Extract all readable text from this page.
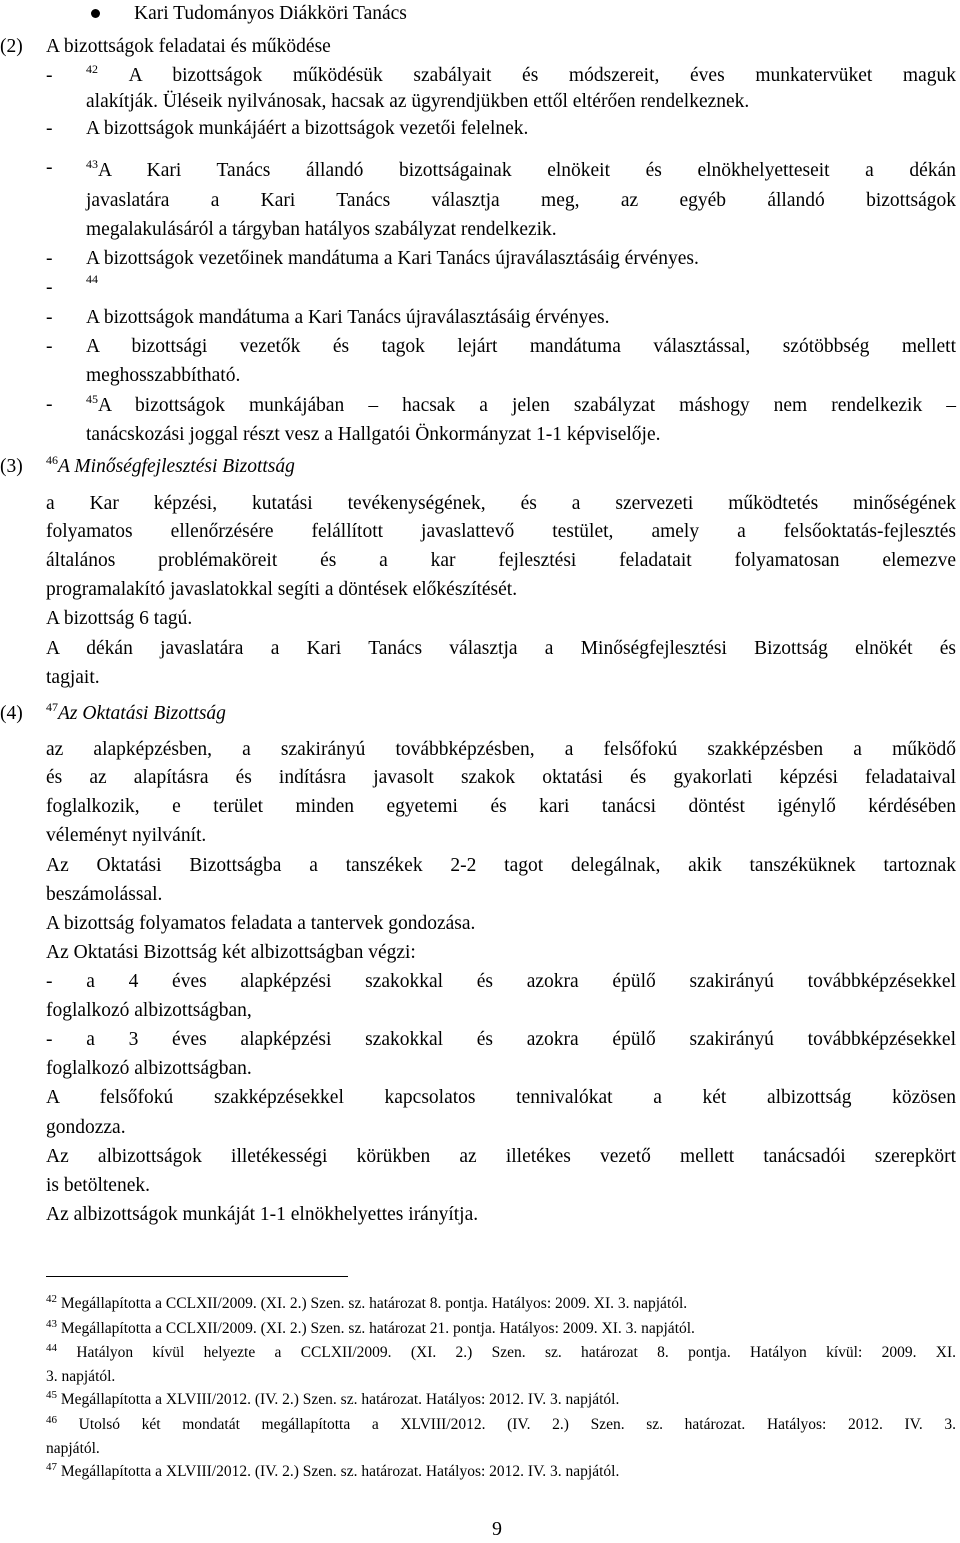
Kari Tudományos Diákköri Tanács
(2) A bizottságok feladatai és működése
-	$^{42}$ A bizottságok működésük szabályait és módszereit, éves munkatervüket maguk
alakítják. Üléseik nyilvánosak, hacsak az ügyrendjükben ettől eltérően rendelkeznek.
- A bizottságok munkájáért a bizottságok vezetői felelnek.
-	$^{43}$A Kari Tanács állandó bizottságainak elnökeit és elnökhelyetteseit a dékán
javaslatára a Kari Tanács választja meg, az egyéb állandó bizottságok
megalakulásáról a tárgyban hatályos szabályzat rendelkezik.
- A bizottságok vezetőinek mandátuma a Kari Tanács újraválasztásáig érvényes.
-	$^{44}$
- A bizottságok mandátuma a Kari Tanács újraválasztásáig érvényes.
- A bizottsági vezetők és tagok lejárt mandátuma választással, szótöbbség mellett
meghosszabbítható.
-	$^{45}$A bizottságok munkájában – hacsak a jelen szabályzat máshogy nem rendelkezik –
tanácskozási joggal részt vesz a Hallgatói Önkormányzat 1-1 képviselője.
(3) $^{46}$A Minőségfejlesztési Bizottság
a Kar képzési, kutatási tevékenységének, és a szervezeti működtetés minőségének
folyamatos ellenőrzésére felállított javaslattevő testület, amely a felsőoktatás-fejlesztés
általános problémaköreit és a kar fejlesztési feladatait folyamatosan elemezve
programalakító javaslatokkal segíti a döntések előkészítését.
A bizottság 6 tagú.
A dékán javaslatára a Kari Tanács választja a Minőségfejlesztési Bizottság elnökét és
tagjait.
(4) $^{47}$Az Oktatási Bizottság
az alapképzésben, a szakirányú továbbképzésben, a felsőfokú szakképzésben a működő
és az alapításra és indításra javasolt szakok oktatási és gyakorlati képzési feladataival
foglalkozik, e terület minden egyetemi és kari tanácsi döntést igénylő kérdésében
véleményt nyilvánít.
Az Oktatási Bizottságba a tanszékek 2-2 tagot delegálnak, akik tanszéküknek tartoznak
beszámolással.
A bizottság folyamatos feladata a tantervek gondozása.
Az Oktatási Bizottság két albizottságban végzi:
- a 4 éves alapképzési szakokkal és azokra épülő szakirányú továbbképzésekkel
foglalkozó albizottságban,
- a 3 éves alapképzési szakokkal és azokra épülő szakirányú továbbképzésekkel
foglalkozó albizottságban.
A felsőfokú szakképzésekkel kapcsolatos tennivalókat a két albizottság közösen
gondozza.
Az albizottságok illetékességi körükben az illetékes vezető mellett tanácsadói szerepkört
is betöltenek.
Az albizottságok munkáját 1-1 elnökhelyettes irányítja.
$^{42}$ Megállapította a CCLXII/2009. (XI. 2.) Szen. sz. határozat 8. pontja. Hatályos: 2009. XI. 3. napjától.
$^{43}$ Megállapította a CCLXII/2009. (XI. 2.) Szen. sz. határozat 21. pontja. Hatályos: 2009. XI. 3. napjától.
$^{44}$ Hatályon kívül helyezte a CCLXII/2009. (XI. 2.) Szen. sz. határozat 8. pontja. Hatályon kívül: 2009. XI.
3. napjától.
$^{45}$ Megállapította a XLVIII/2012. (IV. 2.) Szen. sz. határozat. Hatályos: 2012. IV. 3. napjától.
$^{46}$ Utolsó két mondatát megállapította a XLVIII/2012. (IV. 2.) Szen. sz. határozat. Hatályos: 2012. IV. 3.
napjától.
$^{47}$ Megállapította a XLVIII/2012. (IV. 2.) Szen. sz. határozat. Hatályos: 2012. IV. 3. napjától.
9
